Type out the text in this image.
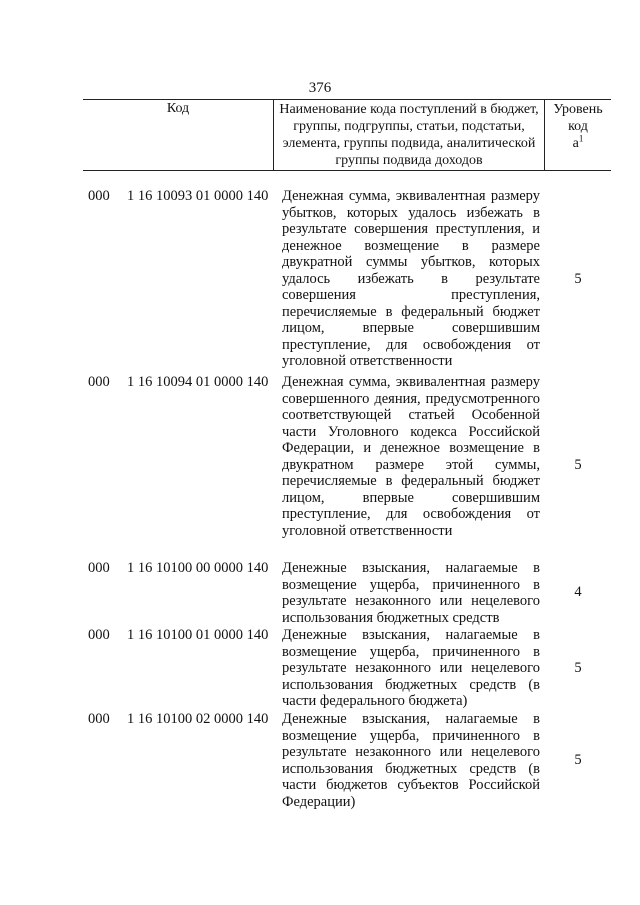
376
Код	Наименование кода поступлений в бюджет, группы, подгруппы, статьи, подстатьи, элемента, группы подвида, аналитической группы подвида доходов
Уровень код
$а^1$
000 1 16 10093 01 0000 140 Денежная сумма, эквивалентная размеру убытков, которых удалось избежать в результате совершения преступления, и денежное возмещение в размере двукратной суммы убытков, которых удалось избежать в результате совершения преступления, перечисляемые в федеральный бюджет лицом, впервые совершившим преступление, для освобождения от уголовной ответственности
5
000 1 16 10094 01 0000 140 Денежная сумма, эквивалентная размеру совершенного деяния, предусмотренного соответствующей статьей Особенной части Уголовного кодекса Российской Федерации, и денежное возмещение в двукратном размере этой суммы, перечисляемые в федеральный бюджет лицом, впервые совершившим преступление, для освобождения от уголовной ответственности
5
000 1 16 10100 00 0000 140 Денежные взыскания, налагаемые в возмещение ущерба, причиненного в результате незаконного или нецелевого использования бюджетных средств
4
000 1 16 10100 01 0000 140 Денежные взыскания, налагаемые в возмещение ущерба, причиненного в результате незаконного или нецелевого использования бюджетных средств (в части федерального бюджета)
5
000 1 16 10100 02 0000 140 Денежные взыскания, налагаемые в возмещение ущерба, причиненного в результате незаконного или нецелевого использования бюджетных средств (в части бюджетов субъектов Российской Федерации)
5
